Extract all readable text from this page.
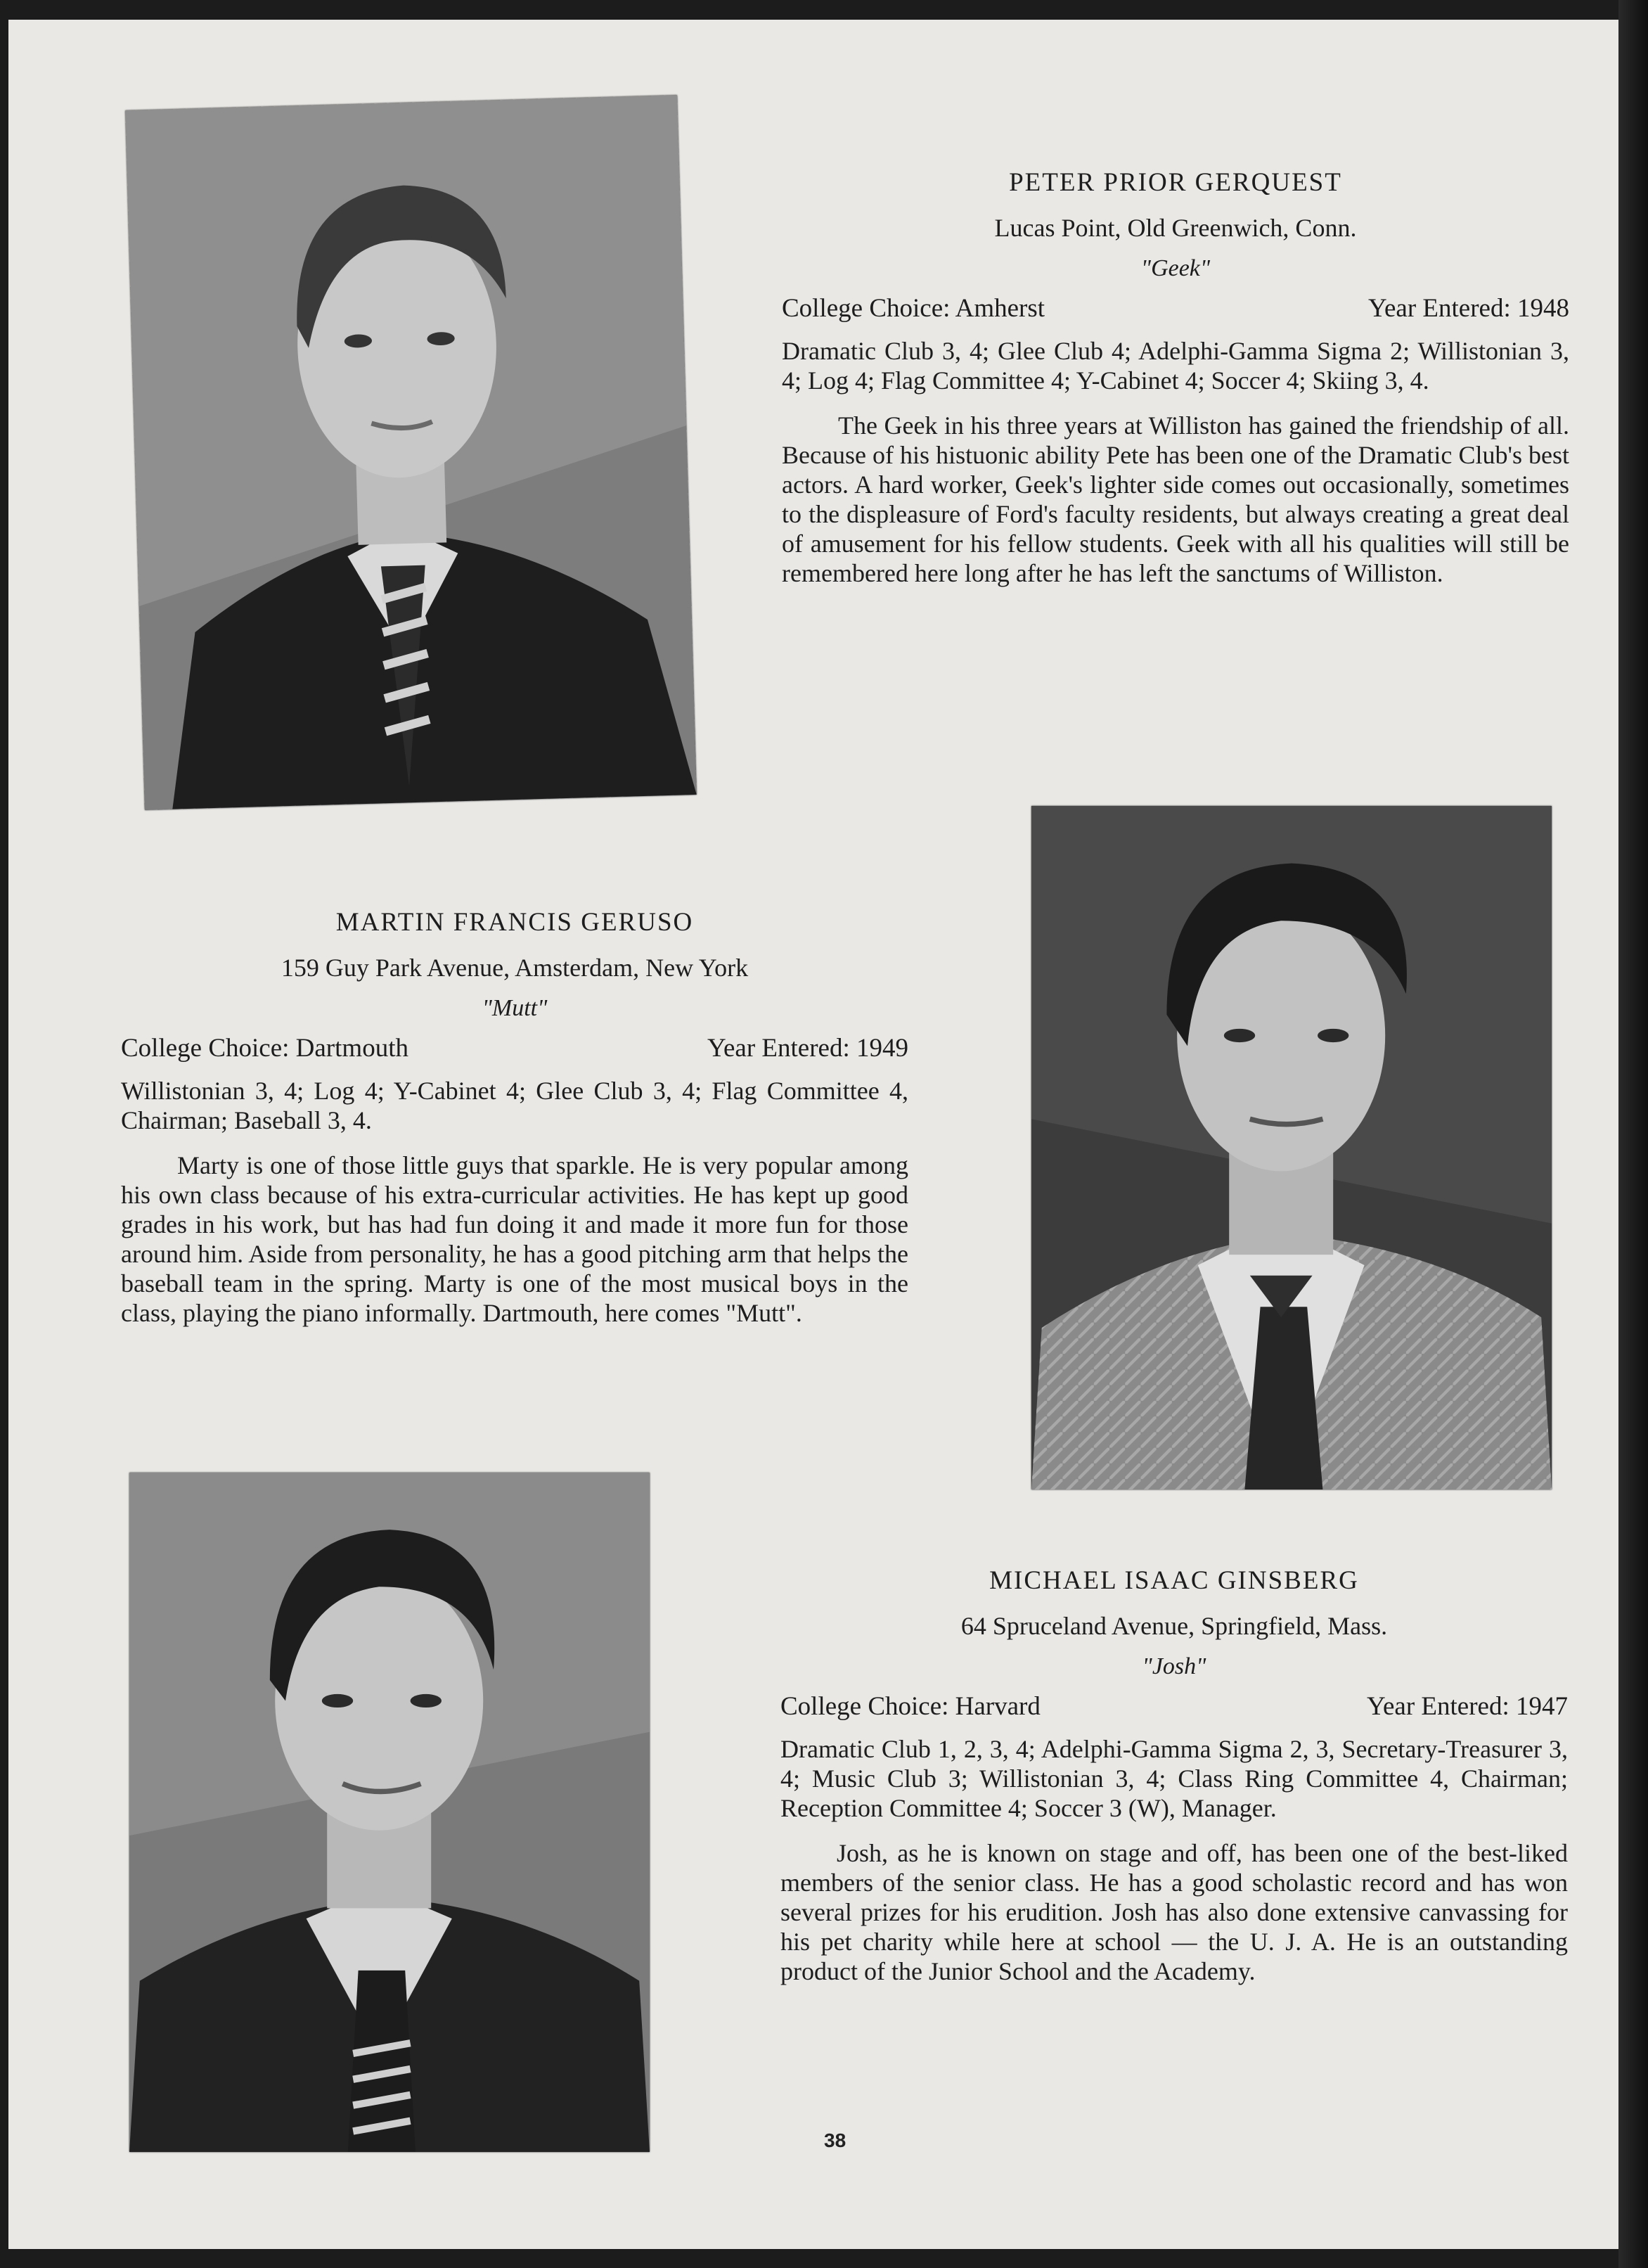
PETER PRIOR GERQUEST
Lucas Point, Old Greenwich, Conn.
"Geek"
College Choice: Amherst	Year Entered: 1948

Dramatic Club 3, 4; Glee Club 4; Adelphi-Gamma Sigma 2; Willistonian 3, 4; Log 4; Flag Committee 4; Y-Cabinet 4; Soccer 4; Skiing 3, 4.

The Geek in his three years at Williston has gained the friendship of all. Because of his histuonic ability Pete has been one of the Dramatic Club's best actors. A hard worker, Geek's lighter side comes out occasionally, sometimes to the displeasure of Ford's faculty residents, but always creating a great deal of amusement for his fellow students. Geek with all his qualities will still be remembered here long after he has left the sanctums of Williston.

MARTIN FRANCIS GERUSO
159 Guy Park Avenue, Amsterdam, New York
"Mutt"
College Choice: Dartmouth	Year Entered: 1949

Willistonian 3, 4; Log 4; Y-Cabinet 4; Glee Club 3, 4; Flag Committee 4, Chairman; Baseball 3, 4.

Marty is one of those little guys that sparkle. He is very popular among his own class because of his extra-curricular activities. He has kept up good grades in his work, but has had fun doing it and made it more fun for those around him. Aside from personality, he has a good pitching arm that helps the baseball team in the spring. Marty is one of the most musical boys in the class, playing the piano informally. Dartmouth, here comes "Mutt".

MICHAEL ISAAC GINSBERG
64 Spruceland Avenue, Springfield, Mass.
"Josh"
College Choice: Harvard	Year Entered: 1947

Dramatic Club 1, 2, 3, 4; Adelphi-Gamma Sigma 2, 3, Secretary-Treasurer 3, 4; Music Club 3; Willistonian 3, 4; Class Ring Committee 4, Chairman; Reception Committee 4; Soccer 3 (W), Manager.

Josh, as he is known on stage and off, has been one of the best-liked members of the senior class. He has a good scholastic record and has won several prizes for his erudition. Josh has also done extensive canvassing for his pet charity while here at school — the U. J. A. He is an outstanding product of the Junior School and the Academy.

38
